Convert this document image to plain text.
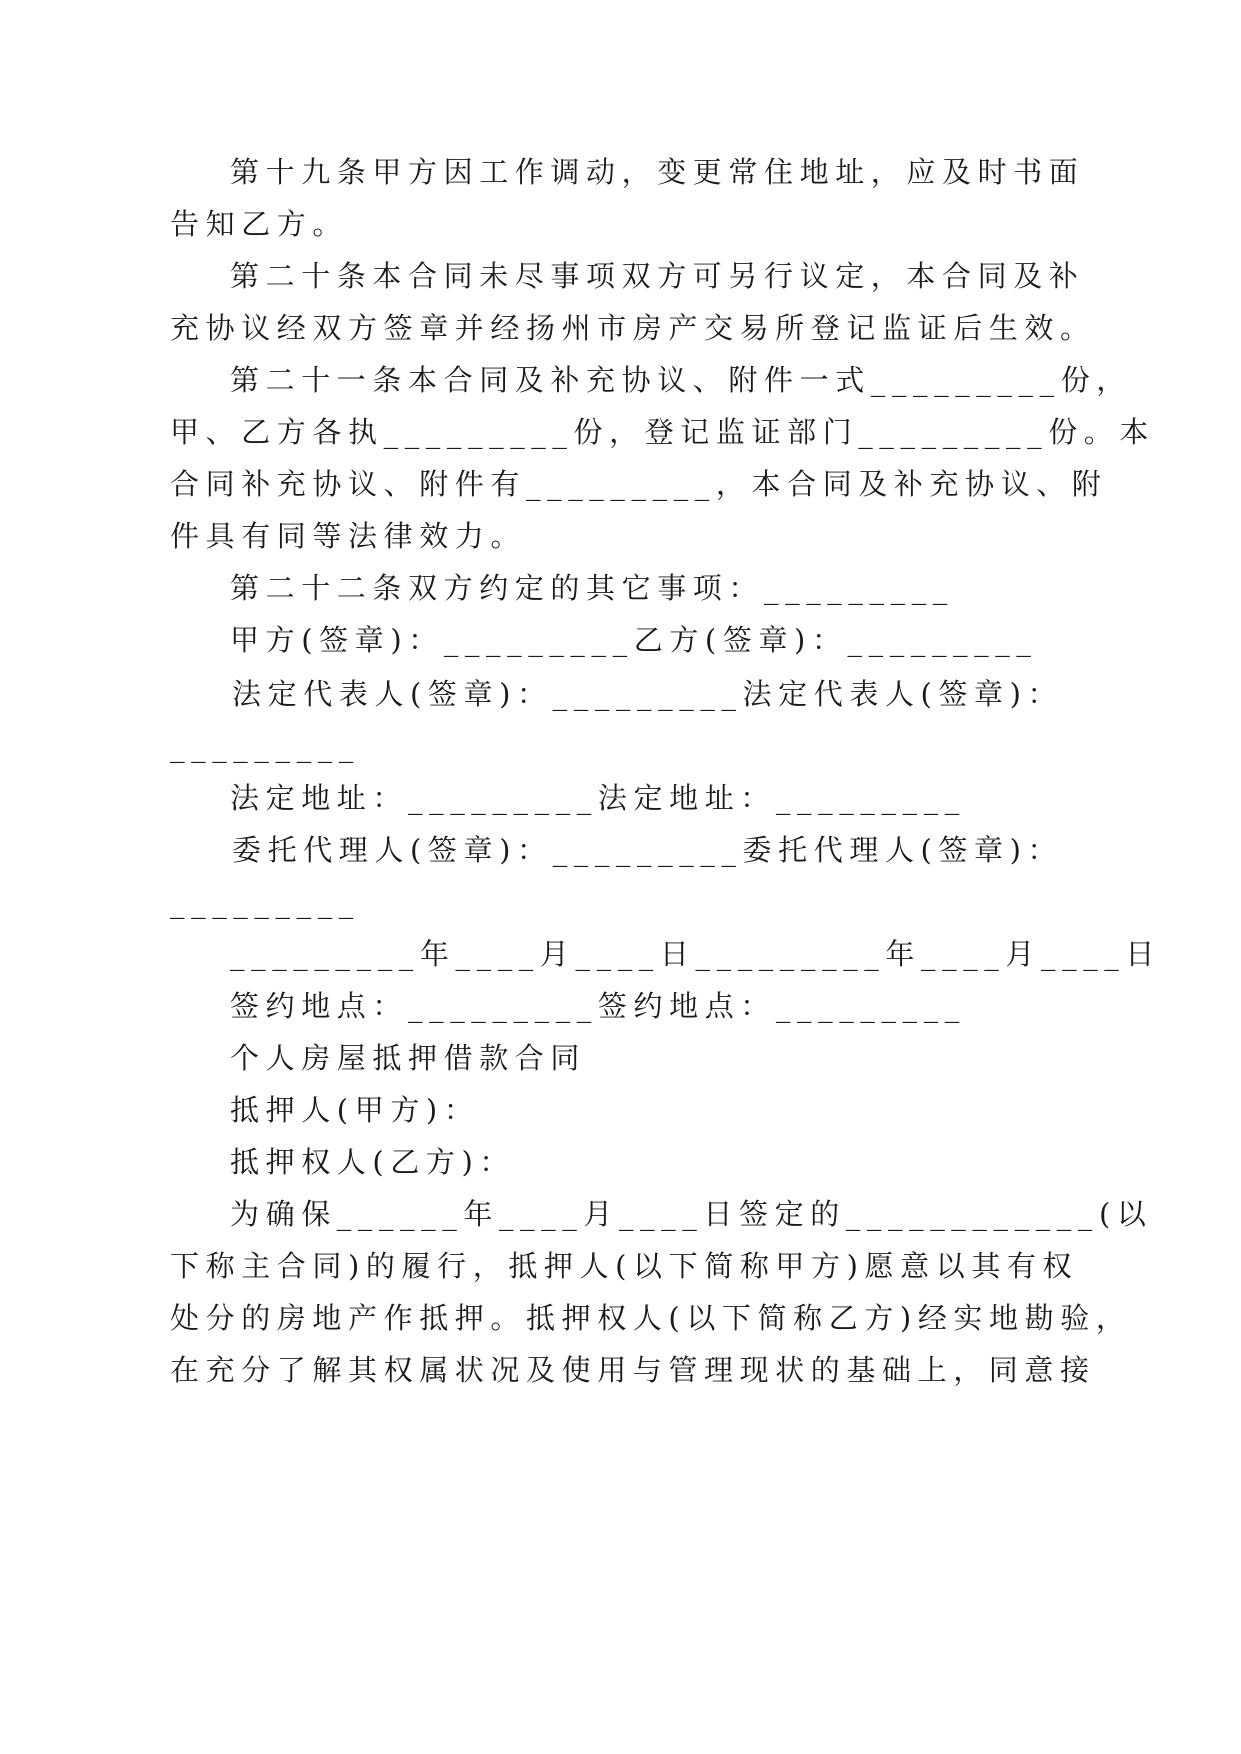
第十九条甲方因工作调动，变更常住地址，应及时书面
告知乙方。
第二十条本合同未尽事项双方可另行议定，本合同及补
充协议经双方签章并经扬州市房产交易所登记监证后生效。
第二十一条本合同及补充协议、附件一式_________份，
甲、乙方各执_________份，登记监证部门_________份。本
合同补充协议、附件有_________，本合同及补充协议、附
件具有同等法律效力。
第二十二条双方约定的其它事项：_________
甲方(签章)：_________乙方(签章)：_________
法定代表人(签章)：_________法定代表人(签章)：
_________
法定地址：_________法定地址：_________
委托代理人(签章)：_________委托代理人(签章)：
_________
_________年____月____日_________年____月____日
签约地点：_________签约地点：_________
个人房屋抵押借款合同
抵押人(甲方)：
抵押权人(乙方)：
为确保______年____月____日签定的____________(以
下称主合同)的履行，抵押人(以下简称甲方)愿意以其有权
处分的房地产作抵押。抵押权人(以下简称乙方)经实地勘验，
在充分了解其权属状况及使用与管理现状的基础上，同意接
